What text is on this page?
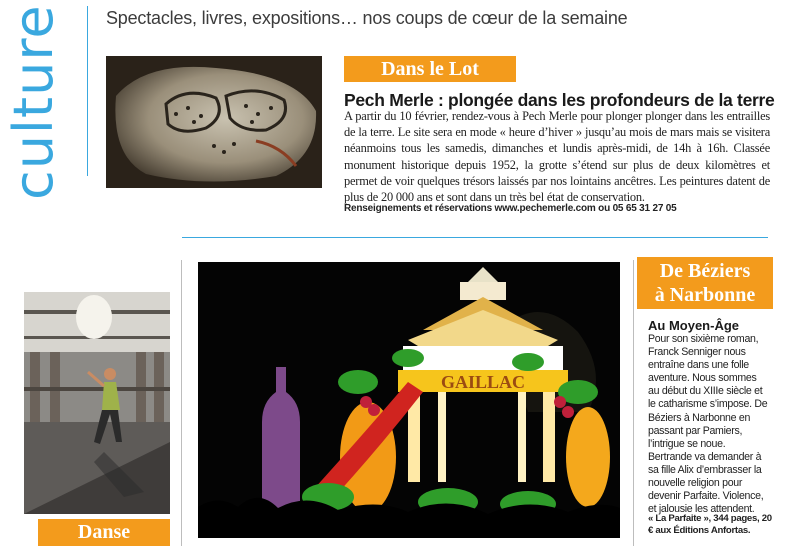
culture Spectacles, livres, expositions… nos coups de cœur de la semaine
Dans le Lot
Pech Merle : plongée dans les profondeurs de la terre
A partir du 10 février, rendez-vous à Pech Merle pour plonger plonger dans les entrailles de la terre. Le site sera en mode « heure d’hiver » jusqu’au mois de mars mais se visitera néanmoins tous les samedis, dimanches et lundis après-midi, de 14h à 16h. Classée monument historique depuis 1952, la grotte s’étend sur plus de deux kilomètres et permet de voir quelques trésors laissés par nos lointains ancêtres. Les peintures datent de plus de 20 000 ans et sont dans un très bel état de conservation.
Renseignements et réservations www.pechemerle.com ou 05 65 31 27 05
Danse
GAILLAC
De Béziers
à Narbonne
Au Moyen-Âge
Pour son sixième roman, Franck Senniger nous entraîne dans une folle aventure. Nous sommes au début du XIIIe siècle et le catharisme s’impose. De Béziers à Narbonne en passant par Pamiers, l’intrigue se noue. Bertrande va demander à sa fille Alix d’embrasser la nouvelle religion pour devenir Parfaite. Violence, et jalousie les attendent.
« La Parfaite », 344 pages, 20 € aux Éditions Anfortas.
